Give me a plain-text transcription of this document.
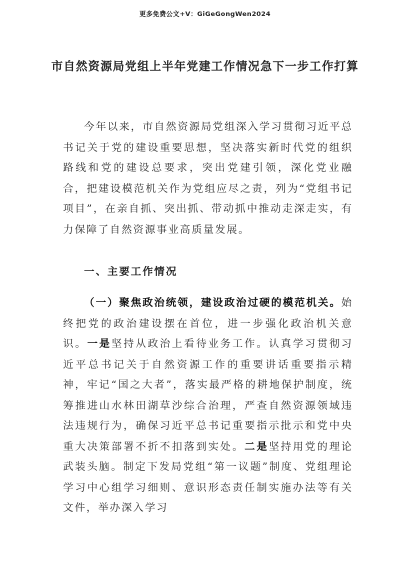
更多免费公文+V：GiGeGongWen2024
市自然资源局党组上半年党建工作情况急下一步工作打算

今年以来，市自然资源局党组深入学习贯彻习近平总书记关于党的建设重要思想，坚决落实新时代党的组织路线和党的建设总要求，突出党建引领，深化党业融合，把建设模范机关作为党组应尽之责，列为“党组书记项目”，在亲自抓、突出抓、带动抓中推动走深走实，有力保障了自然资源事业高质量发展。

一、主要工作情况

（一）聚焦政治统领，建设政治过硬的模范机关。始终把党的政治建设摆在首位，进一步强化政治机关意识。一是坚持从政治上看待业务工作。认真学习贯彻习近平总书记关于自然资源工作的重要讲话重要指示精神，牢记“国之大者”，落实最严格的耕地保护制度，统筹推进山水林田湖草沙综合治理，严查自然资源领域违法违规行为，确保习近平总书记重要指示批示和党中央重大决策部署不折不扣落到实处。二是坚持用党的理论武装头脑。制定下发局党组“第一议题”制度、党组理论学习中心组学习细则、意识形态责任制实施办法等有关文件，举办深入学习
